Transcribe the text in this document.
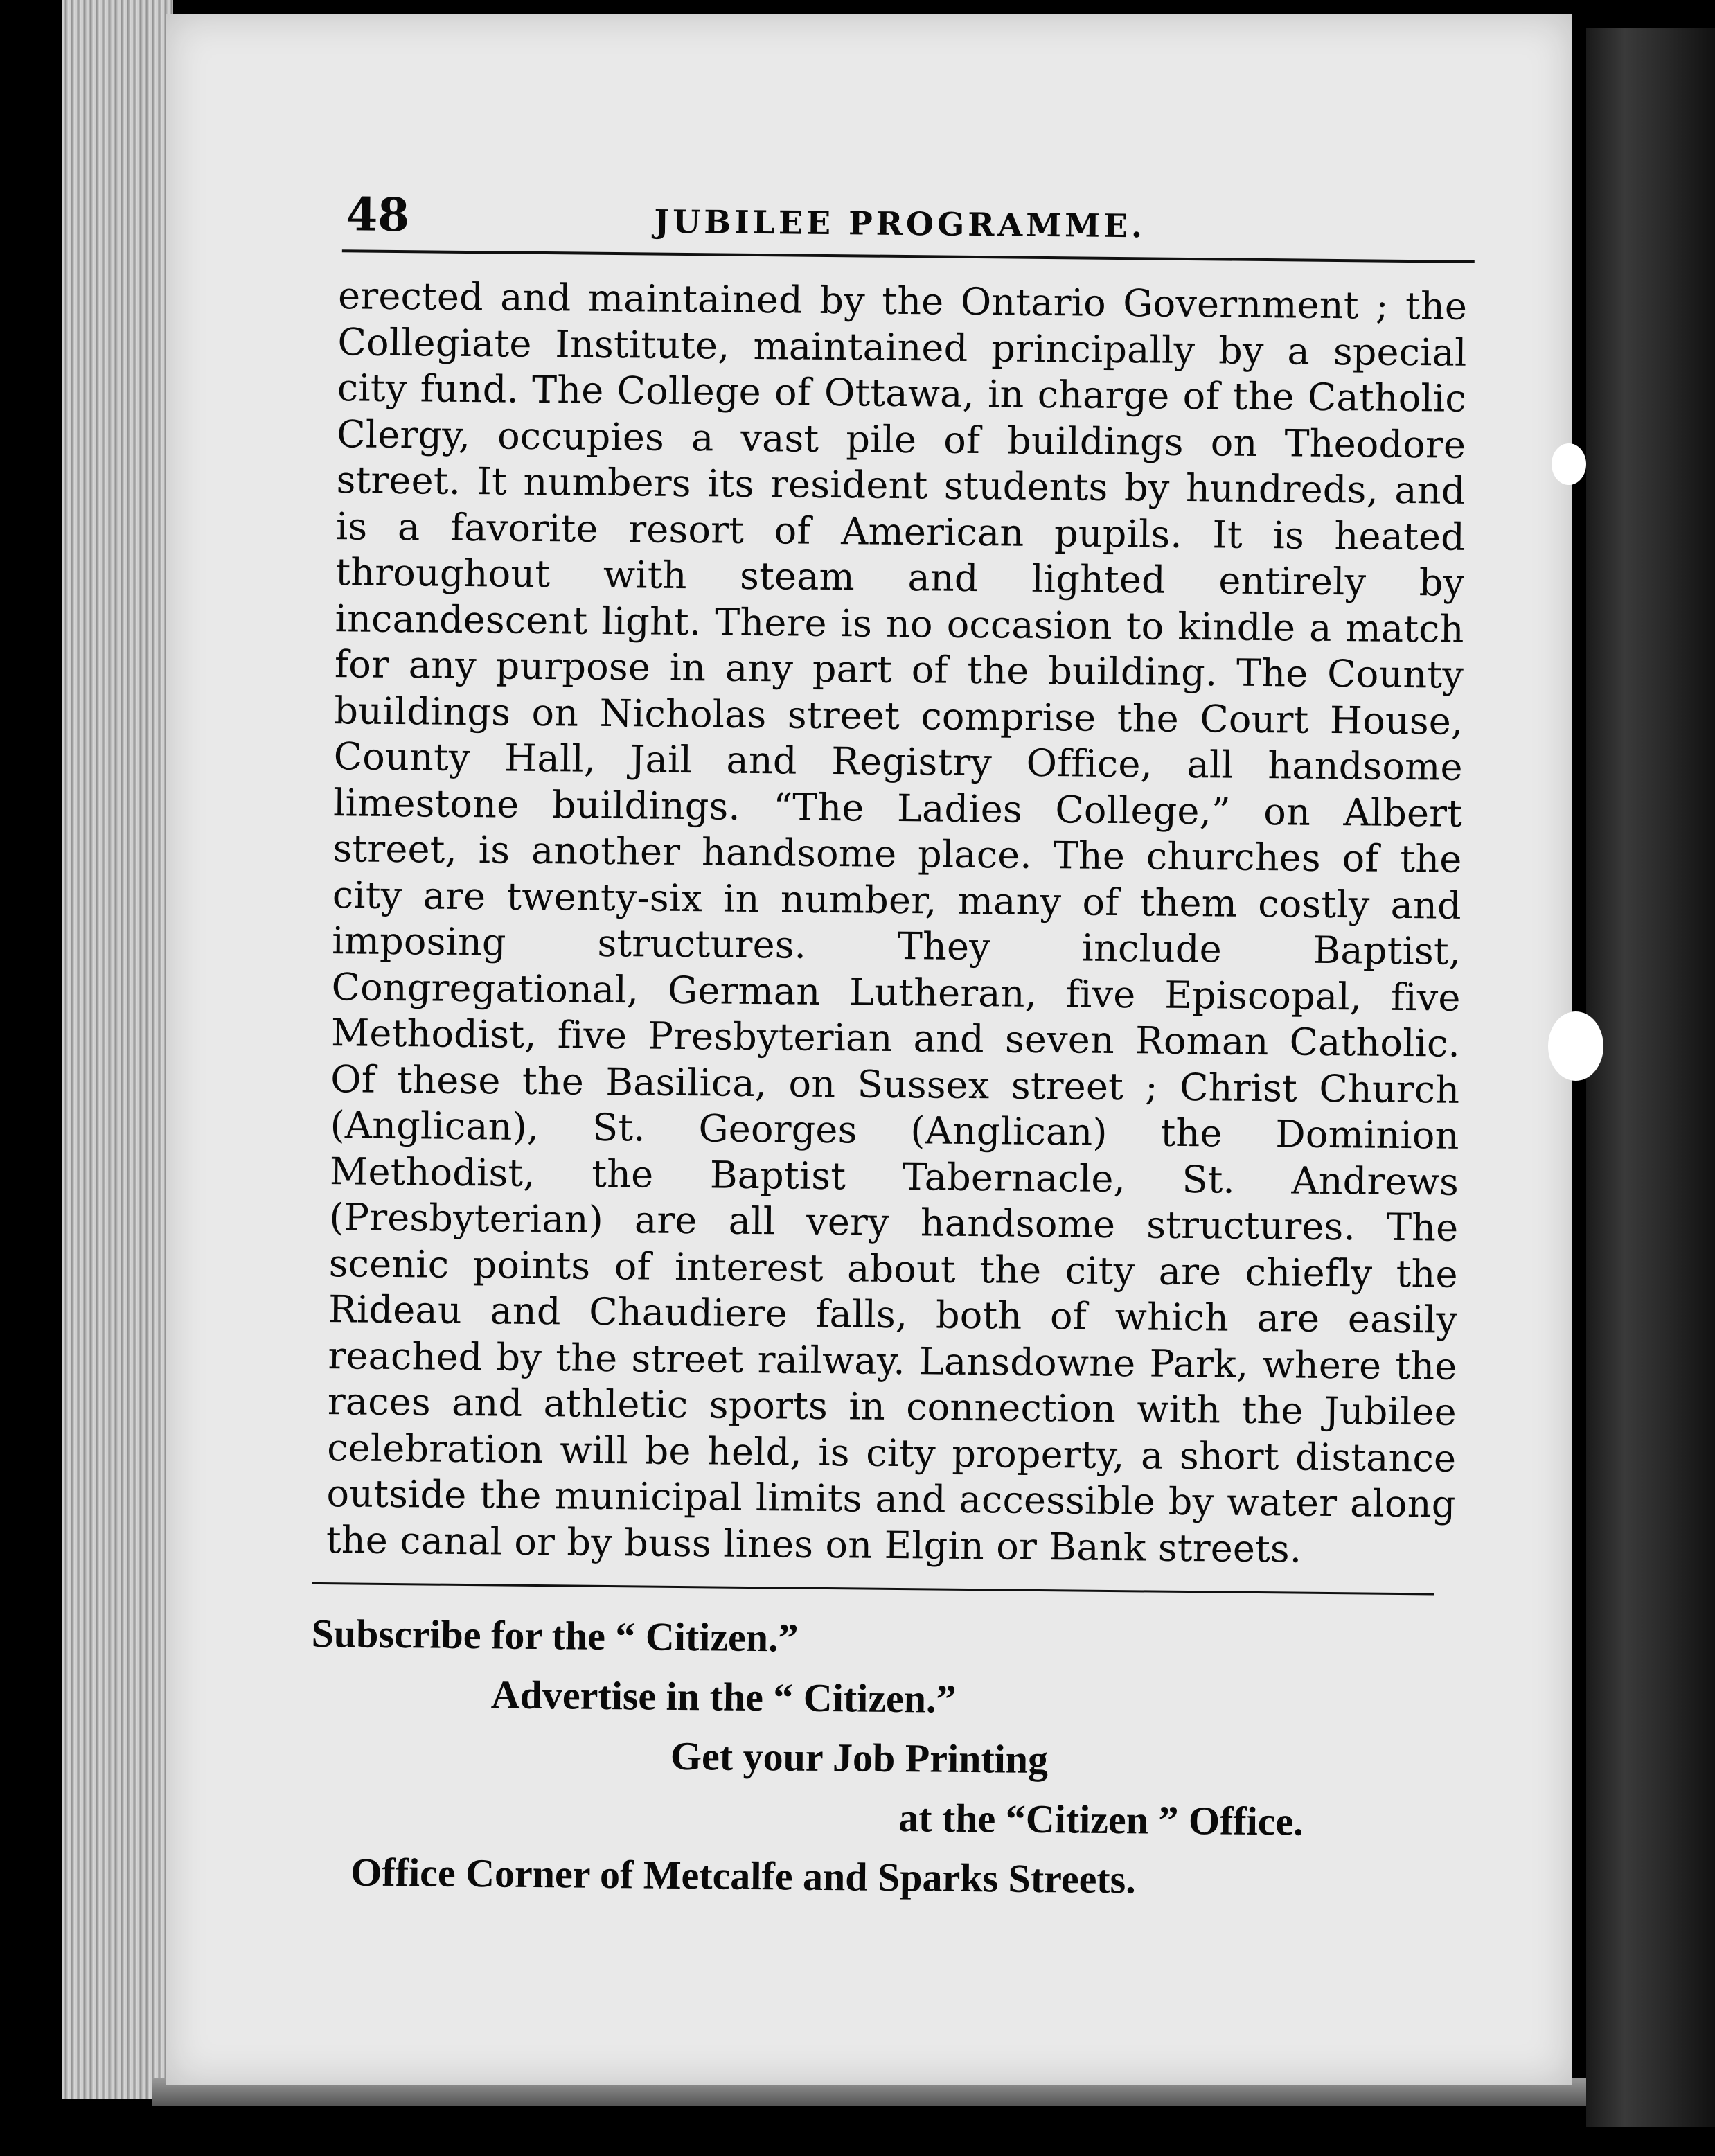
48	JUBILEE PROGRAMME.
erected and maintained by the Ontario Government ; the Collegiate Institute, maintained principally by a special city fund. The College of Ottawa, in charge of the Catholic Clergy, occupies a vast pile of buildings on Theodore street. It numbers its resident students by hundreds, and is a favorite resort of American pupils. It is heated throughout with steam and lighted entirely by incandescent light. There is no occasion to kindle a match for any purpose in any part of the building. The County buildings on Nicholas street comprise the Court House, County Hall, Jail and Registry Office, all handsome limestone buildings. “The Ladies College,” on Albert street, is another handsome place. The churches of the city are twenty-six in number, many of them costly and imposing structures. They include Baptist, Congregational, German Lutheran, five Episcopal, five Methodist, five Presbyterian and seven Roman Catholic. Of these the Basilica, on Sussex street ; Christ Church (Anglican), St. Georges (Anglican) the Dominion Methodist, the Baptist Tabernacle, St. Andrews (Presbyterian) are all very handsome structures. The scenic points of interest about the city are chiefly the Rideau and Chaudiere falls, both of which are easily reached by the street railway. Lansdowne Park, where the races and athletic sports in connection with the Jubilee celebration will be held, is city property, a short distance outside the municipal limits and accessible by water along the canal or by buss lines on Elgin or Bank streets.
Subscribe for the “ Citizen.”
Advertise in the “ Citizen.”
Get your Job Printing
at the “Citizen ” Office.
Office Corner of Metcalfe and Sparks Streets.
